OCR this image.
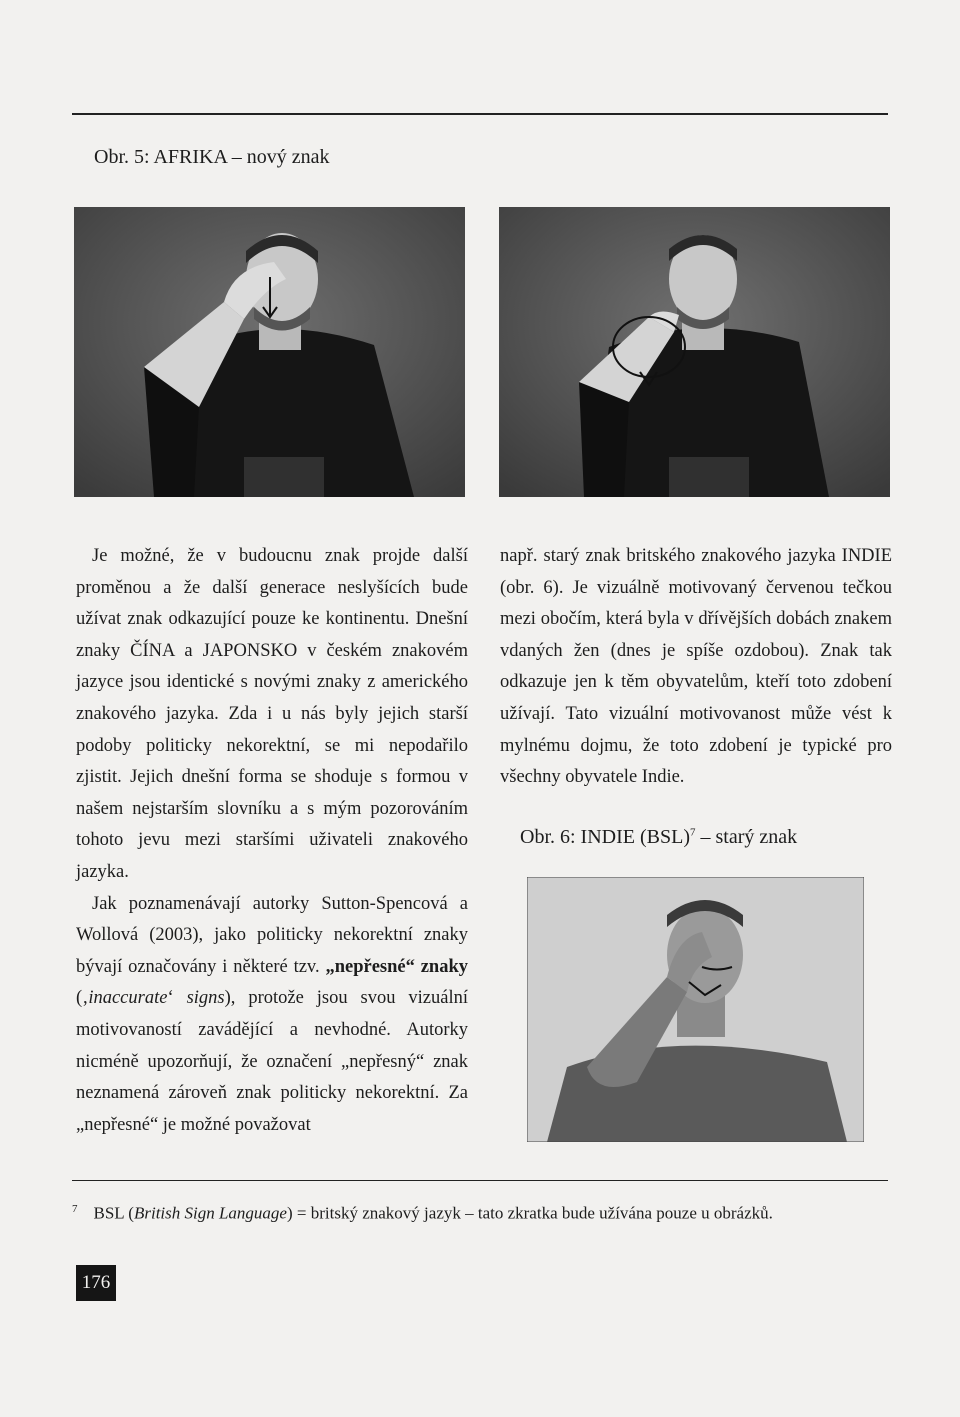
Obr. 5: AFRIKA – nový znak

Je možné, že v budoucnu znak projde další proměnou a že další generace neslyšících bude užívat znak odkazující pouze ke kontinentu. Dnešní znaky ČÍNA a JAPONSKO v českém znakovém jazyce jsou identické s novými znaky z amerického znakového jazyka. Zda i u nás byly jejich starší podoby politicky nekorektní, se mi nepodařilo zjistit. Jejich dnešní forma se shoduje s formou v našem nejstarším slovníku a s mým pozorováním tohoto jevu mezi staršími uživateli znakového jazyka.

Jak poznamenávají autorky Sutton-Spencová a Wollová (2003), jako politicky nekorektní znaky bývají označovány i některé tzv. „nepřesné“ znaky (‚inaccurate‘ signs), protože jsou svou vizuální motivovaností zavádějící a nevhodné. Autorky nicméně upozorňují, že označení „nepřesný“ znak neznamená zároveň znak politicky nekorektní. Za „nepřesné“ je možné považovat

např. starý znak britského znakového jazyka INDIE (obr. 6). Je vizuálně motivovaný červenou tečkou mezi obočím, která byla v dřívějších dobách znakem vdaných žen (dnes je spíše ozdobou). Znak tak odkazuje jen k těm obyvatelům, kteří toto zdobení užívají. Tato vizuální motivovanost může vést k mylnému dojmu, že toto zdobení je typické pro všechny obyvatele Indie.

Obr. 6: INDIE (BSL)$^7$ – starý znak
$^7$ BSL (British Sign Language) = britský znakový jazyk – tato zkratka bude užívána pouze u obrázků.
176
